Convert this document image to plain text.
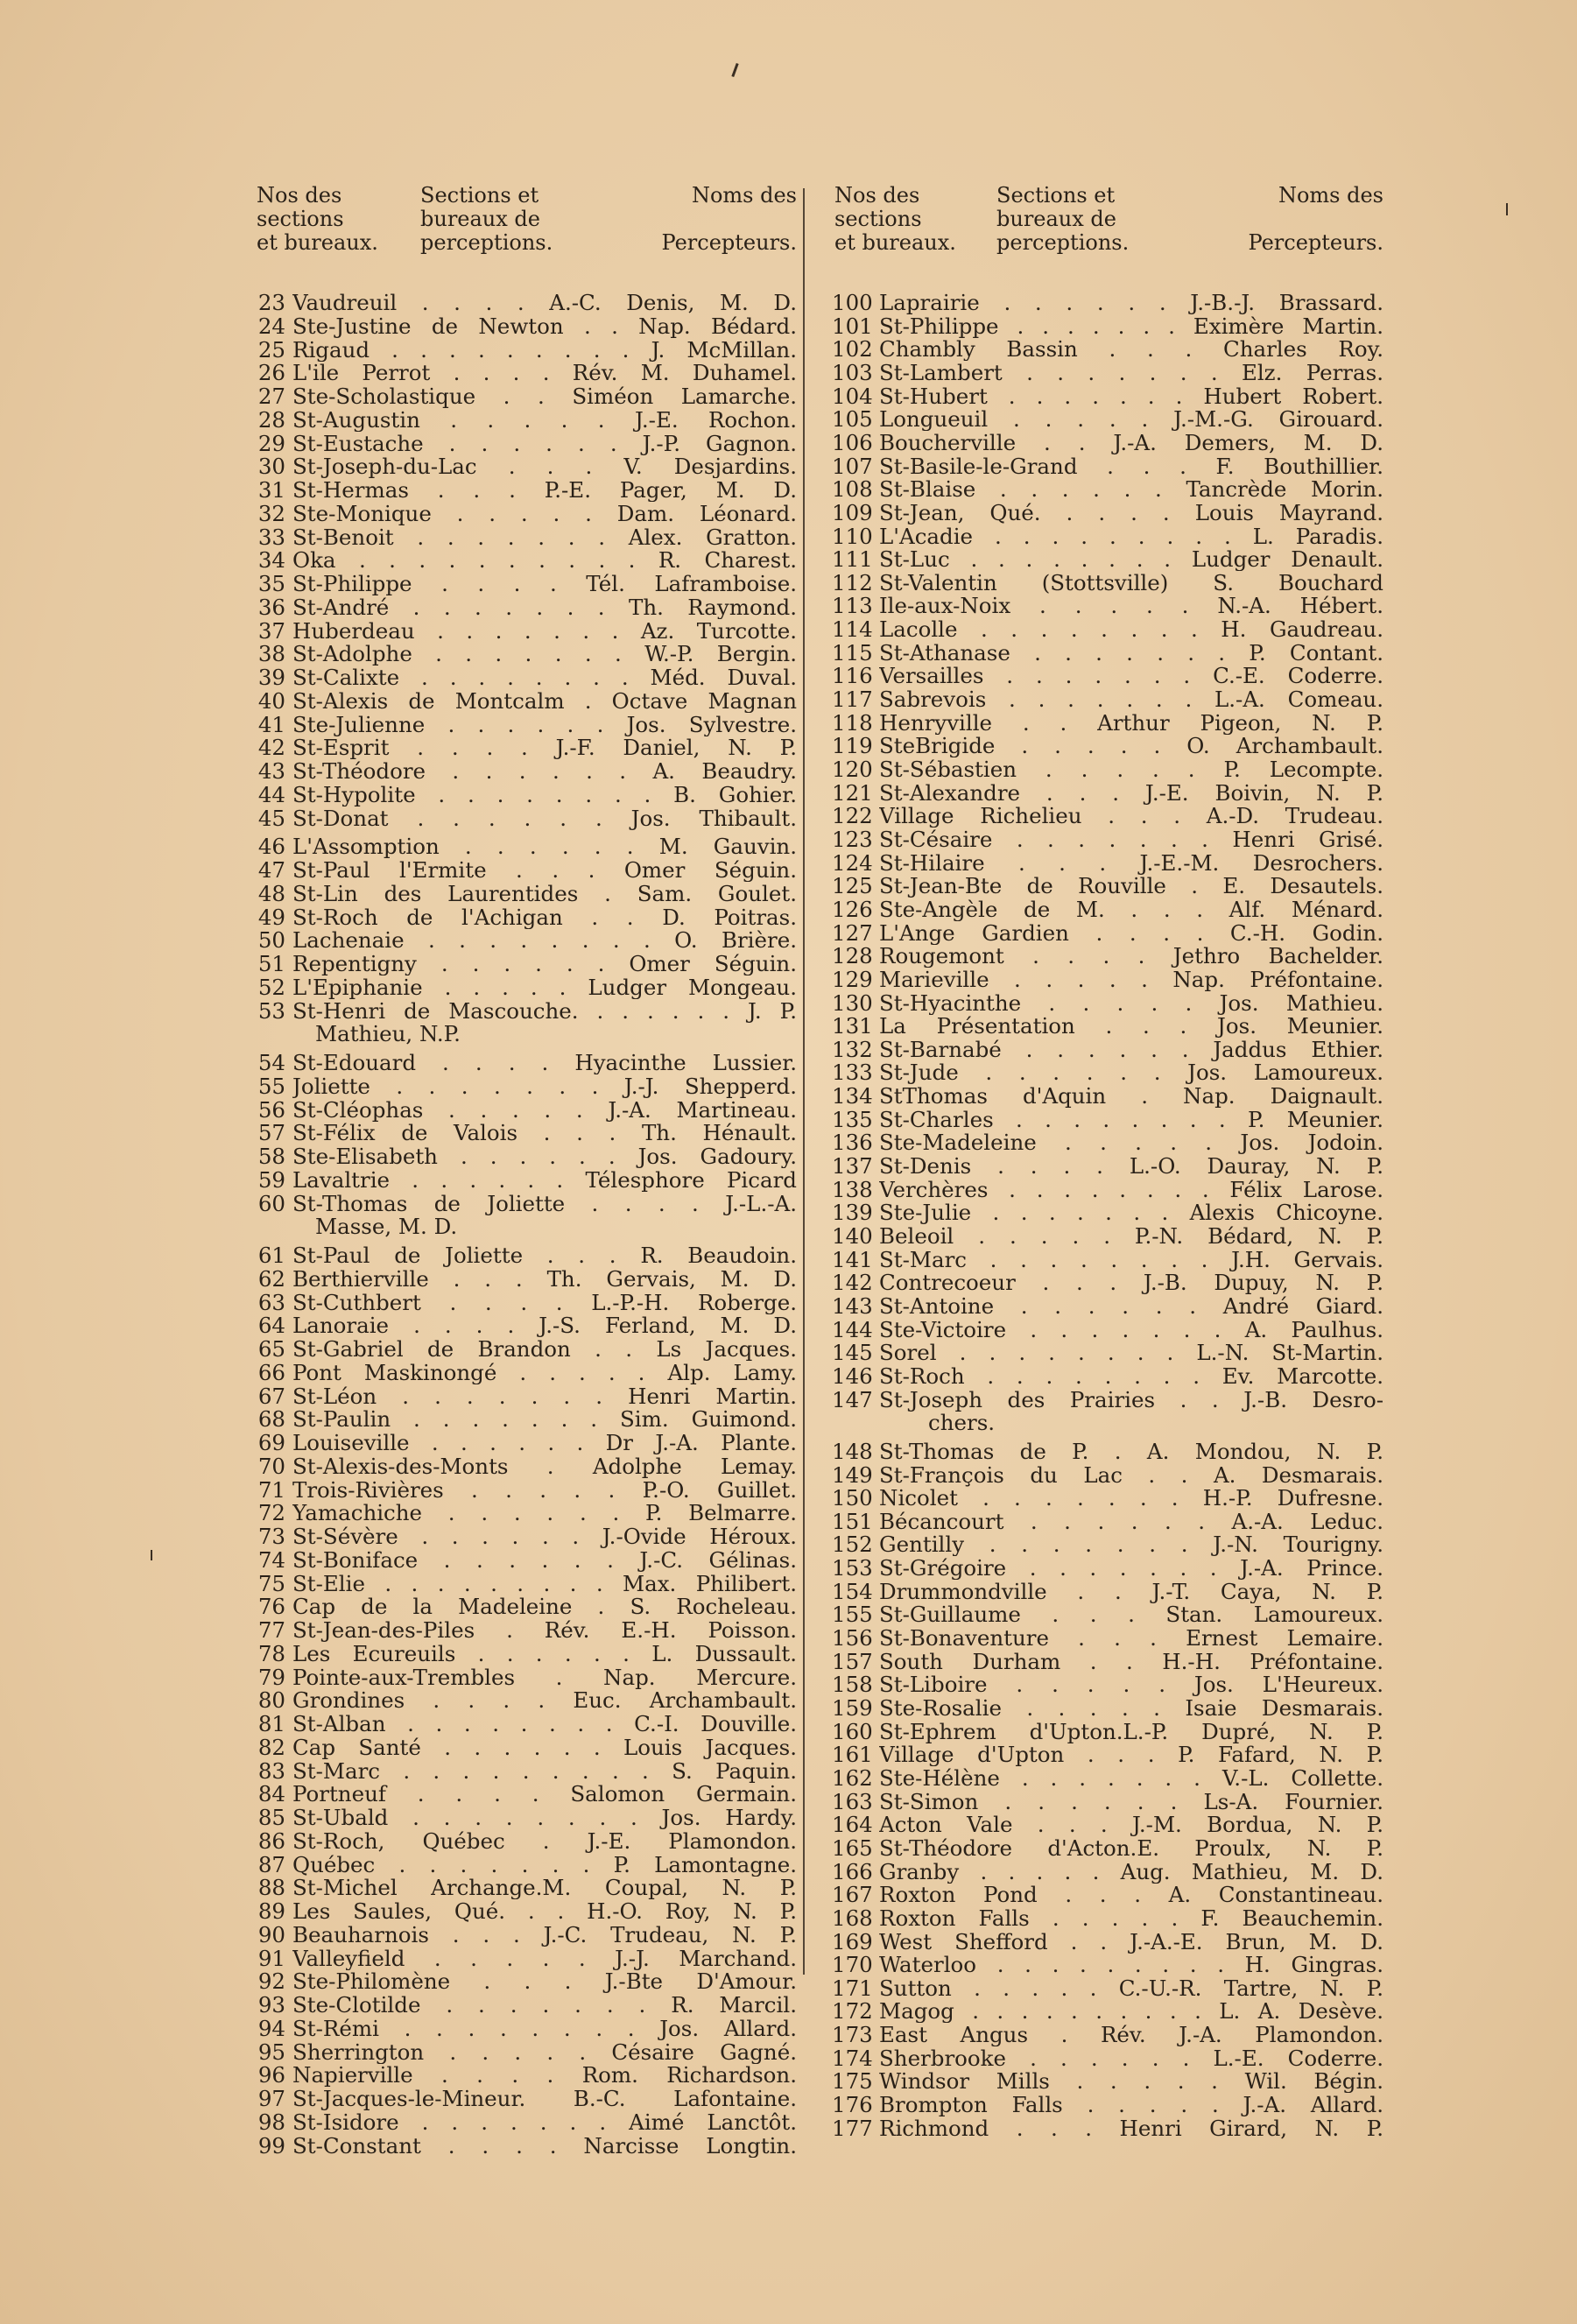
Nos des
sections
et bureaux.
Sections et
bureaux de
perceptions.
Noms des
Percepteurs.
23 Vaudreuil . . . . A.-C. Denis, M. D.
24 Ste-Justine de Newton . . Nap. Bédard.
25 Rigaud . . . . . . . . . J. McMillan.
26 L'ile Perrot . . . . Rév. M. Duhamel.
27 Ste-Scholastique . . Siméon Lamarche.
28 St-Augustin . . . . . J.-E. Rochon.
29 St-Eustache . . . . . . J.-P. Gagnon.
30 St-Joseph-du-Lac . . . V. Desjardins.
31 St-Hermas . . . P.-E. Pager, M. D.
32 Ste-Monique . . . . . Dam. Léonard.
33 St-Benoit . . . . . . . Alex. Gratton.
34 Oka . . . . . . . . . . R. Charest.
35 St-Philippe . . . . Tél. Laframboise.
36 St-André . . . . . . . Th. Raymond.
37 Huberdeau . . . . . . . Az. Turcotte.
38 St-Adolphe . . . . . . . W.-P. Bergin.
39 St-Calixte . . . . . . . . Méd. Duval.
40 St-Alexis de Montcalm . Octave Magnan
41 Ste-Julienne . . . . . . Jos. Sylvestre.
42 St-Esprit . . . . J.-F. Daniel, N. P.
43 St-Théodore . . . . . . A. Beaudry.
44 St-Hypolite . . . . . . . . B. Gohier.
45 St-Donat . . . . . . Jos. Thibault.
46 L'Assomption . . . . . . M. Gauvin.
47 St-Paul l'Ermite . . . Omer Séguin.
48 St-Lin des Laurentides . Sam. Goulet.
49 St-Roch de l'Achigan . . D. Poitras.
50 Lachenaie . . . . . . . . O. Brière.
51 Repentigny . . . . . . Omer Séguin.
52 L'Epiphanie . . . . . Ludger Mongeau.
53 St-Henri de Mascouche. . . . . . . J. P.
Mathieu, N.P.
54 St-Edouard . . . . Hyacinthe Lussier.
55 Joliette . . . . . . . J.-J. Shepperd.
56 St-Cléophas . . . . . J.-A. Martineau.
57 St-Félix de Valois . . . Th. Hénault.
58 Ste-Elisabeth . . . . . . Jos. Gadoury.
59 Lavaltrie . . . . . . Télesphore Picard
60 St-Thomas de Joliette . . . . J.-L.-A.
Masse, M. D.
61 St-Paul de Joliette . . . R. Beaudoin.
62 Berthierville . . . Th. Gervais, M. D.
63 St-Cuthbert . . . . L.-P.-H. Roberge.
64 Lanoraie . . . . J.-S. Ferland, M. D.
65 St-Gabriel de Brandon . . Ls Jacques.
66 Pont Maskinongé . . . . . Alp. Lamy.
67 St-Léon . . . . . . . Henri Martin.
68 St-Paulin . . . . . . . Sim. Guimond.
69 Louiseville . . . . . . Dr J.-A. Plante.
70 St-Alexis-des-Monts . Adolphe Lemay.
71 Trois-Rivières . . . . . P.-O. Guillet.
72 Yamachiche . . . . . . P. Belmarre.
73 St-Sévère . . . . . . J.-Ovide Héroux.
74 St-Boniface . . . . . . J.-C. Gélinas.
75 St-Elie . . . . . . . . . Max. Philibert.
76 Cap de la Madeleine . S. Rocheleau.
77 St-Jean-des-Piles . Rév. E.-H. Poisson.
78 Les Ecureuils . . . . . . L. Dussault.
79 Pointe-aux-Trembles . Nap. Mercure.
80 Grondines . . . . Euc. Archambault.
81 St-Alban . . . . . . . . C.-I. Douville.
82 Cap Santé . . . . . . Louis Jacques.
83 St-Marc . . . . . . . . . S. Paquin.
84 Portneuf . . . . Salomon Germain.
85 St-Ubald . . . . . . . . Jos. Hardy.
86 St-Roch, Québec . J.-E. Plamondon.
87 Québec . . . . . . . P. Lamontagne.
88 St-Michel Archange.M. Coupal, N. P.
89 Les Saules, Qué. . . H.-O. Roy, N. P.
90 Beauharnois . . . J.-C. Trudeau, N. P.
91 Valleyfield . . . . . J.-J. Marchand.
92 Ste-Philomène . . . J.-Bte D'Amour.
93 Ste-Clotilde . . . . . . . R. Marcil.
94 St-Rémi . . . . . . . . Jos. Allard.
95 Sherrington . . . . . Césaire Gagné.
96 Napierville . . . . Rom. Richardson.
97 St-Jacques-le-Mineur. B.-C. Lafontaine.
98 St-Isidore . . . . . . . Aimé Lanctôt.
99 St-Constant . . . . Narcisse Longtin.
Nos des
sections
et bureaux.
Sections et
bureaux de
perceptions.
Noms des
Percepteurs.
100 Laprairie . . . . . . J.-B.-J. Brassard.
101 St-Philippe . . . . . . . Eximère Martin.
102 Chambly Bassin . . . Charles Roy.
103 St-Lambert . . . . . . . Elz. Perras.
104 St-Hubert . . . . . . . Hubert Robert.
105 Longueuil . . . . . J.-M.-G. Girouard.
106 Boucherville . . J.-A. Demers, M. D.
107 St-Basile-le-Grand . . . F. Bouthillier.
108 St-Blaise . . . . . . Tancrède Morin.
109 St-Jean, Qué. . . . . Louis Mayrand.
110 L'Acadie . . . . . . . . . L. Paradis.
111 St-Luc . . . . . . . . Ludger Denault.
112 St-Valentin (Stottsville) S. Bouchard
113 Ile-aux-Noix . . . . . N.-A. Hébert.
114 Lacolle . . . . . . . . H. Gaudreau.
115 St-Athanase . . . . . . . P. Contant.
116 Versailles . . . . . . . C.-E. Coderre.
117 Sabrevois . . . . . . . L.-A. Comeau.
118 Henryville . . Arthur Pigeon, N. P.
119 SteBrigide . . . . . O. Archambault.
120 St-Sébastien . . . . . P. Lecompte.
121 St-Alexandre . . . J.-E. Boivin, N. P.
122 Village Richelieu . . . A.-D. Trudeau.
123 St-Césaire . . . . . . . Henri Grisé.
124 St-Hilaire . . . J.-E.-M. Desrochers.
125 St-Jean-Bte de Rouville . E. Desautels.
126 Ste-Angèle de M. . . . Alf. Ménard.
127 L'Ange Gardien . . . . C.-H. Godin.
128 Rougemont . . . . Jethro Bachelder.
129 Marieville . . . . . Nap. Préfontaine.
130 St-Hyacinthe . . . . . Jos. Mathieu.
131 La Présentation . . . Jos. Meunier.
132 St-Barnabé . . . . . . Jaddus Ethier.
133 St-Jude . . . . . . Jos. Lamoureux.
134 StThomas d'Aquin . Nap. Daignault.
135 St-Charles . . . . . . . . P. Meunier.
136 Ste-Madeleine . . . . . Jos. Jodoin.
137 St-Denis . . . . L.-O. Dauray, N. P.
138 Verchères . . . . . . . . Félix Larose.
139 Ste-Julie . . . . . . . Alexis Chicoyne.
140 Beleoil . . . . . P.-N. Bédard, N. P.
141 St-Marc . . . . . . . . J.H. Gervais.
142 Contrecoeur . . . J.-B. Dupuy, N. P.
143 St-Antoine . . . . . . André Giard.
144 Ste-Victoire . . . . . . . A. Paulhus.
145 Sorel . . . . . . . . L.-N. St-Martin.
146 St-Roch . . . . . . . . Ev. Marcotte.
147 St-Joseph des Prairies . . J.-B. Desro-
chers.
148 St-Thomas de P. . A. Mondou, N. P.
149 St-François du Lac . . A. Desmarais.
150 Nicolet . . . . . . . H.-P. Dufresne.
151 Bécancourt . . . . . . A.-A. Leduc.
152 Gentilly . . . . . . . J.-N. Tourigny.
153 St-Grégoire . . . . . . . J.-A. Prince.
154 Drummondville . . J.-T. Caya, N. P.
155 St-Guillaume . . . Stan. Lamoureux.
156 St-Bonaventure . . . Ernest Lemaire.
157 South Durham . . H.-H. Préfontaine.
158 St-Liboire . . . . . Jos. L'Heureux.
159 Ste-Rosalie . . . . . Isaie Desmarais.
160 St-Ephrem d'Upton.L.-P. Dupré, N. P.
161 Village d'Upton . . . P. Fafard, N. P.
162 Ste-Hélène . . . . . . . V.-L. Collette.
163 St-Simon . . . . . . Ls-A. Fournier.
164 Acton Vale . . . J.-M. Bordua, N. P.
165 St-Théodore d'Acton.E. Proulx, N. P.
166 Granby . . . . . Aug. Mathieu, M. D.
167 Roxton Pond . . . A. Constantineau.
168 Roxton Falls . . . . . F. Beauchemin.
169 West Shefford . . J.-A.-E. Brun, M. D.
170 Waterloo . . . . . . . . . H. Gingras.
171 Sutton . . . . . C.-U.-R. Tartre, N. P.
172 Magog . . . . . . . . . . L. A. Desève.
173 East Angus . Rév. J.-A. Plamondon.
174 Sherbrooke . . . . . . L.-E. Coderre.
175 Windsor Mills . . . . . Wil. Bégin.
176 Brompton Falls . . . . . J.-A. Allard.
177 Richmond . . . Henri Girard, N. P.
